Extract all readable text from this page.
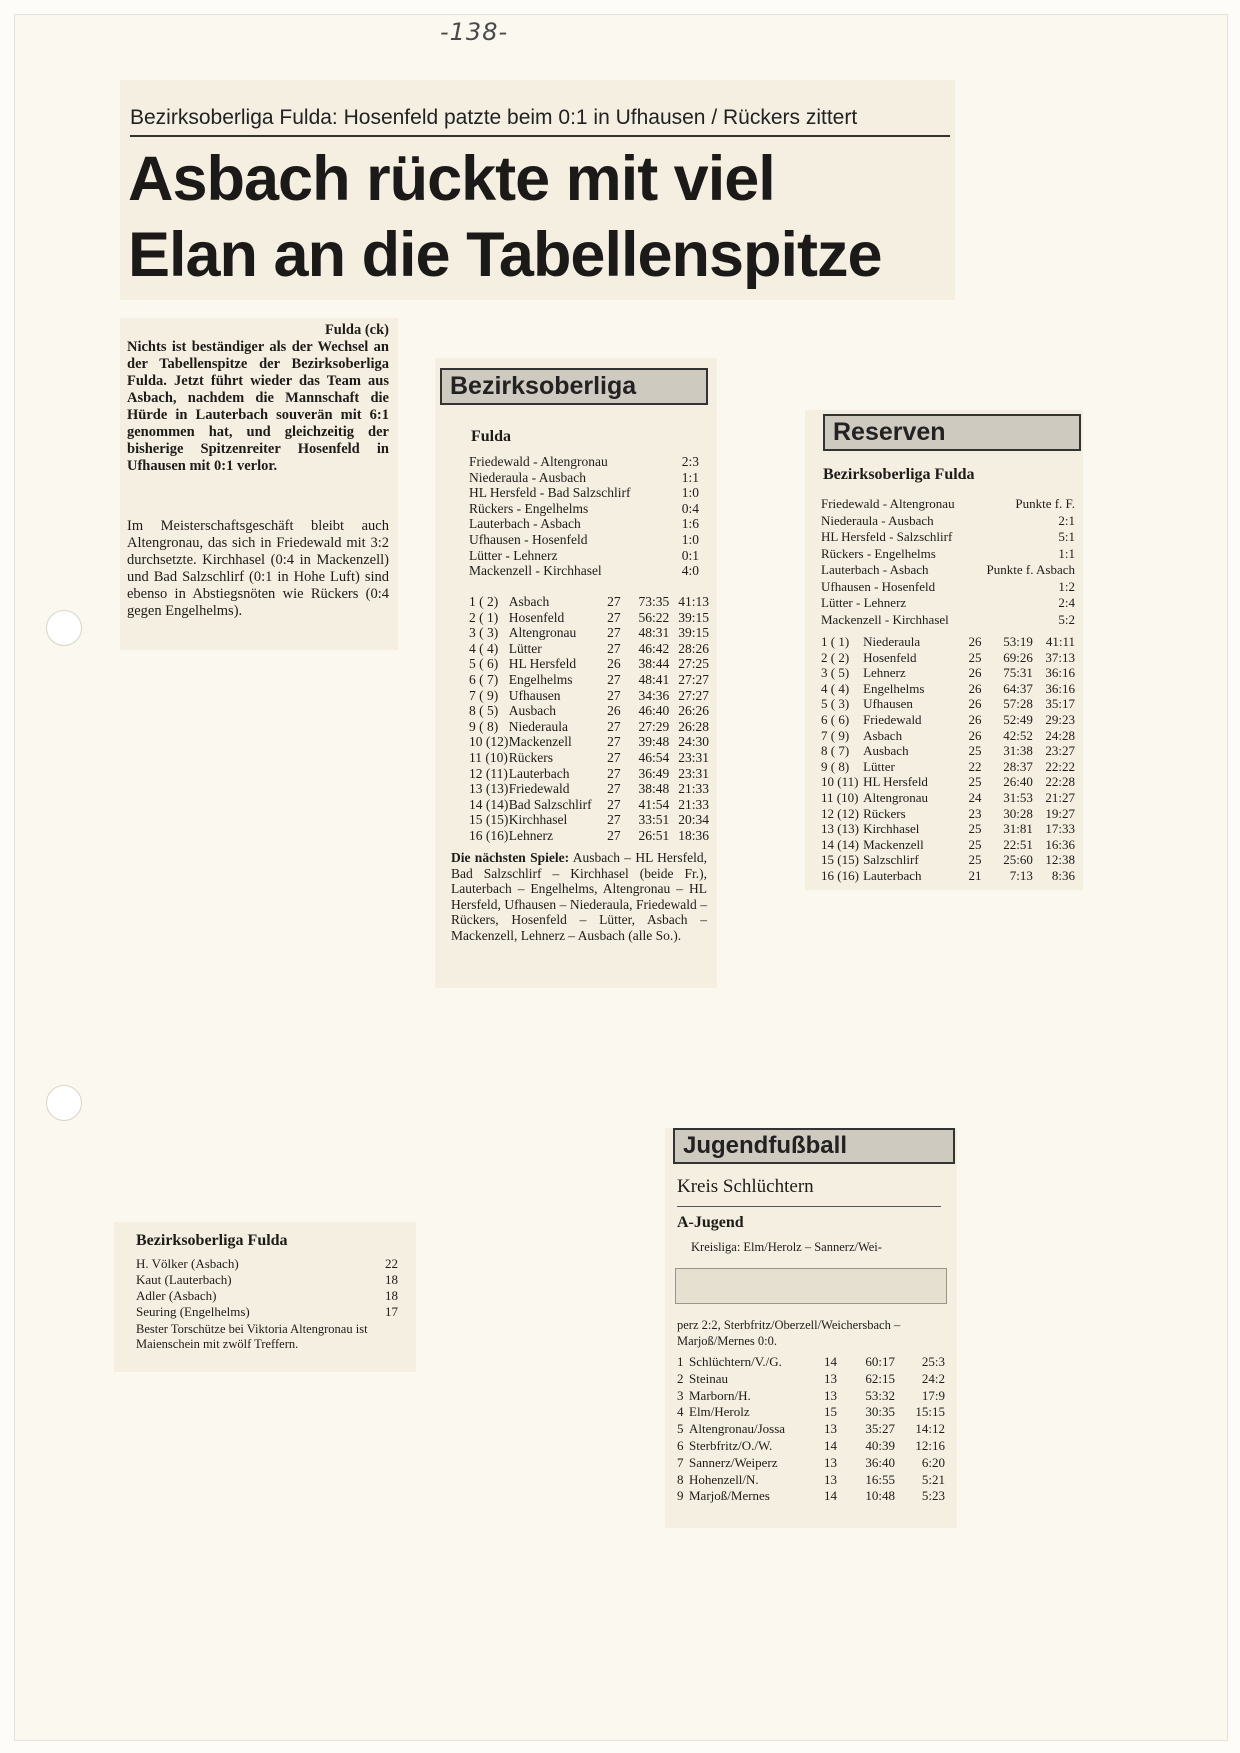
-138-
Bezirksoberliga Fulda: Hosenfeld patzte beim 0:1 in Ufhausen / Rückers zittert
Asbach rückte mit viel
Elan an die Tabellenspitze
Fulda (ck)
Nichts ist beständiger als der Wechsel an der Tabellenspitze der Bezirksoberliga Fulda. Jetzt führt wieder das Team aus Asbach, nachdem die Mannschaft die Hürde in Lauterbach souverän mit 6:1 genommen hat, und gleichzeitig der bisherige Spitzenreiter Hosenfeld in Ufhausen mit 0:1 verlor.
Im Meisterschaftsgeschäft bleibt auch Altengronau, das sich in Friedewald mit 3:2 durchsetzte. Kirchhasel (0:4 in Mackenzell) und Bad Salzschlirf (0:1 in Hohe Luft) sind ebenso in Abstiegsnöten wie Rückers (0:4 gegen Engelhelms).
Bezirksoberliga
Fulda
Friedewald - Altengronau	2:3
Niederaula - Ausbach	1:1
HL Hersfeld - Bad Salzschlirf	1:0
Rückers - Engelhelms	0:4
Lauterbach - Asbach	1:6
Ufhausen - Hosenfeld	1:0
Lütter - Lehnerz	0:1
Mackenzell - Kirchhasel	4:0
1 ( 2) Asbach	27	73:35 41:13
2 ( 1) Hosenfeld	27	56:22 39:15
3 ( 3) Altengronau	27	48:31 39:15
4 ( 4) Lütter	27	46:42 28:26
5 ( 6) HL Hersfeld	26	38:44 27:25
6 ( 7) Engelhelms	27	48:41 27:27
7 ( 9) Ufhausen	27	34:36 27:27
8 ( 5) Ausbach	26	46:40 26:26
9 ( 8) Niederaula	27	27:29 26:28
10 (12) Mackenzell	27	39:48 24:30
11 (10) Rückers	27	46:54 23:31
12 (11) Lauterbach	27	36:49 23:31
13 (13) Friedewald	27	38:48 21:33
14 (14) Bad Salzschlirf	27	41:54 21:33
15 (15) Kirchhasel	27	33:51 20:34
16 (16) Lehnerz	27	26:51 18:36
Die nächsten Spiele: Ausbach – HL Hersfeld, Bad Salzschlirf – Kirchhasel (beide Fr.), Lauterbach – Engelhelms, Altengronau – HL Hersfeld, Ufhausen – Niederaula, Friedewald – Rückers, Hosenfeld – Lütter, Asbach – Mackenzell, Lehnerz – Ausbach (alle So.).
Reserven
Bezirksoberliga Fulda
Friedewald - Altengronau	Punkte f. F.
Niederaula - Ausbach	2:1
HL Hersfeld - Salzschlirf	5:1
Rückers - Engelhelms	1:1
Lauterbach - Asbach	Punkte f. Asbach
Ufhausen - Hosenfeld	1:2
Lütter - Lehnerz	2:4
Mackenzell - Kirchhasel	5:2
1 ( 1)	Niederaula	26	53:19 41:11
2 ( 2)	Hosenfeld	25	69:26 37:13
3 ( 5)	Lehnerz	26	75:31 36:16
4 ( 4)	Engelhelms	26	64:37 36:16
5 ( 3)	Ufhausen	26	57:28 35:17
6 ( 6)	Friedewald	26	52:49 29:23
7 ( 9)	Asbach	26	42:52 24:28
8 ( 7)	Ausbach	25	31:38 23:27
9 ( 8)	Lütter	22	28:37 22:22
10 (11) HL Hersfeld	25	26:40 22:28
11 (10) Altengronau	24	31:53 21:27
12 (12) Rückers	23	30:28 19:27
13 (13) Kirchhasel	25	31:81 17:33
14 (14) Mackenzell	25	22:51 16:36
15 (15) Salzschlirf	25	25:60 12:38
16 (16) Lauterbach	21	7:13	8:36
Jugendfußball
Kreis Schlüchtern
A-Jugend
Kreisliga: Elm/Herolz – Sannerz/Wei-
perz 2:2, Sterbfritz/Oberzell/Weichersbach – Marjoß/Mernes 0:0.
1 Schlüchtern/V./G.	14	60:17	25:3
2 Steinau	13	62:15	24:2
3 Marborn/H.	13	53:32	17:9
4 Elm/Herolz	15	30:35	15:15
5 Altengronau/Jossa	13	35:27	14:12
6 Sterbfritz/O./W.	14	40:39	12:16
7 Sannerz/Weiperz	13	36:40	6:20
8 Hohenzell/N.	13	16:55	5:21
9 Marjoß/Mernes	14	10:48	5:23
Bezirksoberliga Fulda
H. Völker (Asbach)	22
Kaut (Lauterbach)	18
Adler (Asbach)	18
Seuring (Engelhelms)	17
Bester Torschütze bei Viktoria Altengronau ist Maienschein mit zwölf Treffern.
